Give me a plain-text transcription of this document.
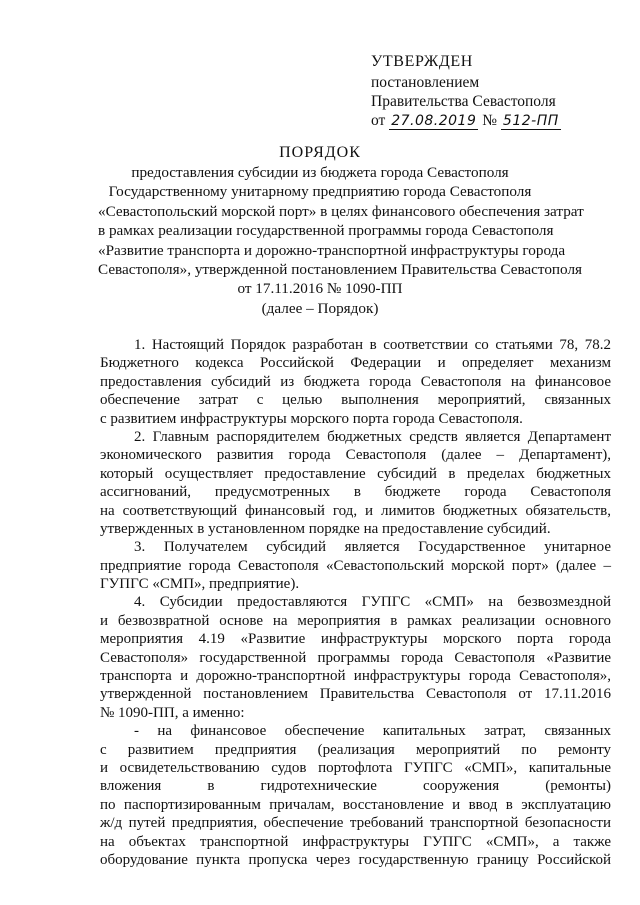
УТВЕРЖДЕН
постановлением
Правительства Севастополя
от 27.08.2019 № 512-ПП
ПОРЯДОК
предоставления субсидии из бюджета города Севастополя
Государственному унитарному предприятию города Севастополя
«Севастопольский морской порт» в целях финансового обеспечения затрат
в рамках реализации государственной программы города Севастополя
«Развитие транспорта и дорожно-транспортной инфраструктуры города
Севастополя», утвержденной постановлением Правительства Севастополя
от 17.11.2016 № 1090-ПП
(далее – Порядок)
1. Настоящий Порядок разработан в соответствии со статьями 78, 78.2
Бюджетного кодекса Российской Федерации и определяет механизм
предоставления субсидий из бюджета города Севастополя на финансовое
обеспечение затрат с целью выполнения мероприятий, связанных
с развитием инфраструктуры морского порта города Севастополя.
2. Главным распорядителем бюджетных средств является Департамент
экономического развития города Севастополя (далее – Департамент),
который осуществляет предоставление субсидий в пределах бюджетных
ассигнований, предусмотренных в бюджете города Севастополя
на соответствующий финансовый год, и лимитов бюджетных обязательств,
утвержденных в установленном порядке на предоставление субсидий.
3. Получателем субсидий является Государственное унитарное
предприятие города Севастополя «Севастопольский морской порт» (далее –
ГУПГС «СМП», предприятие).
4. Субсидии предоставляются ГУПГС «СМП» на безвозмездной
и безвозвратной основе на мероприятия в рамках реализации основного
мероприятия 4.19 «Развитие инфраструктуры морского порта города
Севастополя» государственной программы города Севастополя «Развитие
транспорта и дорожно-транспортной инфраструктуры города Севастополя»,
утвержденной постановлением Правительства Севастополя от 17.11.2016
№ 1090-ПП, а именно:
- на финансовое обеспечение капитальных затрат, связанных
с развитием предприятия (реализация мероприятий по ремонту
и освидетельствованию судов портофлота ГУПГС «СМП», капитальные
вложения в гидротехнические сооружения (ремонты)
по паспортизированным причалам, восстановление и ввод в эксплуатацию
ж/д путей предприятия, обеспечение требований транспортной безопасности
на объектах транспортной инфраструктуры ГУПГС «СМП», а также
оборудование пункта пропуска через государственную границу Российской
